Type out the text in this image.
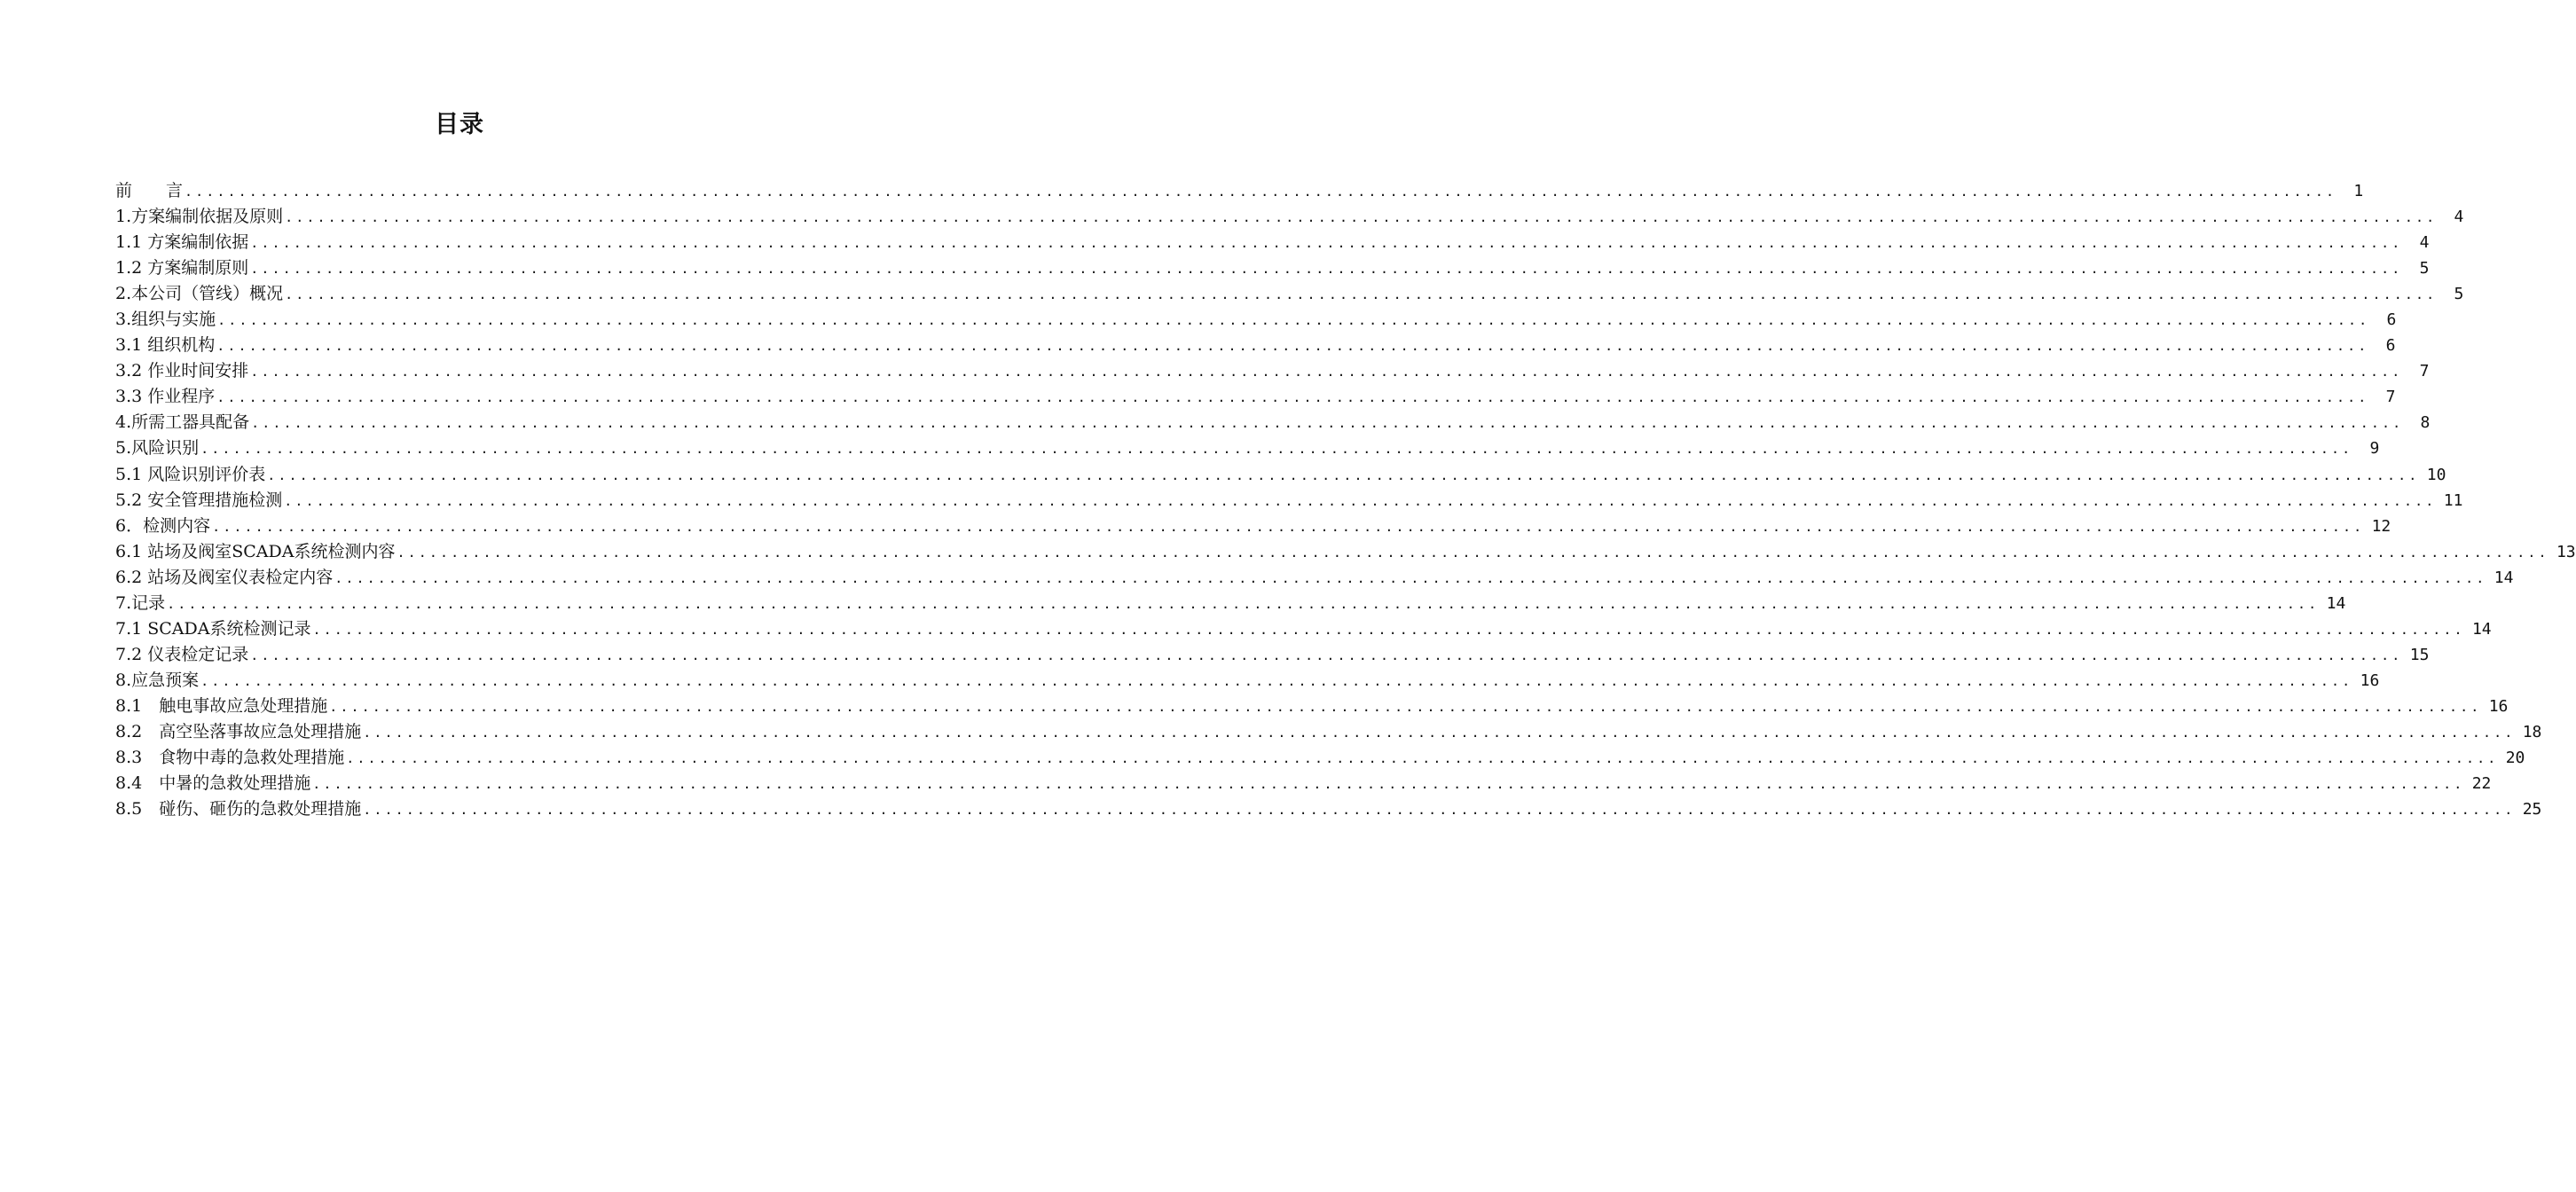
目录
前　　言 ........................................................................................................................................................................................................	1
1.方案编制依据及原则 ........................................................................................................................................................................................................	4
1.1 方案编制依据 ........................................................................................................................................................................................................	4
1.2 方案编制原则 ........................................................................................................................................................................................................	5
2.本公司（管线）概况 ........................................................................................................................................................................................................	5
3.组织与实施 ........................................................................................................................................................................................................	6
3.1 组织机构 ........................................................................................................................................................................................................	6
3.2 作业时间安排 ........................................................................................................................................................................................................	7
3.3 作业程序 ........................................................................................................................................................................................................	7
4.所需工器具配备 ........................................................................................................................................................................................................	8
5.风险识别 ........................................................................................................................................................................................................	9
5.1 风险识别评价表 ........................................................................................................................................................................................................ 10
5.2 安全管理措施检测 ........................................................................................................................................................................................................ 11
6．检测内容 ........................................................................................................................................................................................................ 12
6.1 站场及阀室SCADA系统检测内容 ........................................................................................................................................................................................................ 13
6.2 站场及阀室仪表检定内容 ........................................................................................................................................................................................................ 14
7.记录 ........................................................................................................................................................................................................ 14
7.1 SCADA系统检测记录 ........................................................................................................................................................................................................ 14
7.2 仪表检定记录 ........................................................................................................................................................................................................ 15
8.应急预案 ........................................................................................................................................................................................................ 16
8.1　触电事故应急处理措施 ........................................................................................................................................................................................................ 16
8.2　高空坠落事故应急处理措施 ........................................................................................................................................................................................................ 18
8.3　食物中毒的急救处理措施 ........................................................................................................................................................................................................ 20
8.4　中暑的急救处理措施 ........................................................................................................................................................................................................ 22
8.5　碰伤、砸伤的急救处理措施 ........................................................................................................................................................................................................ 25
